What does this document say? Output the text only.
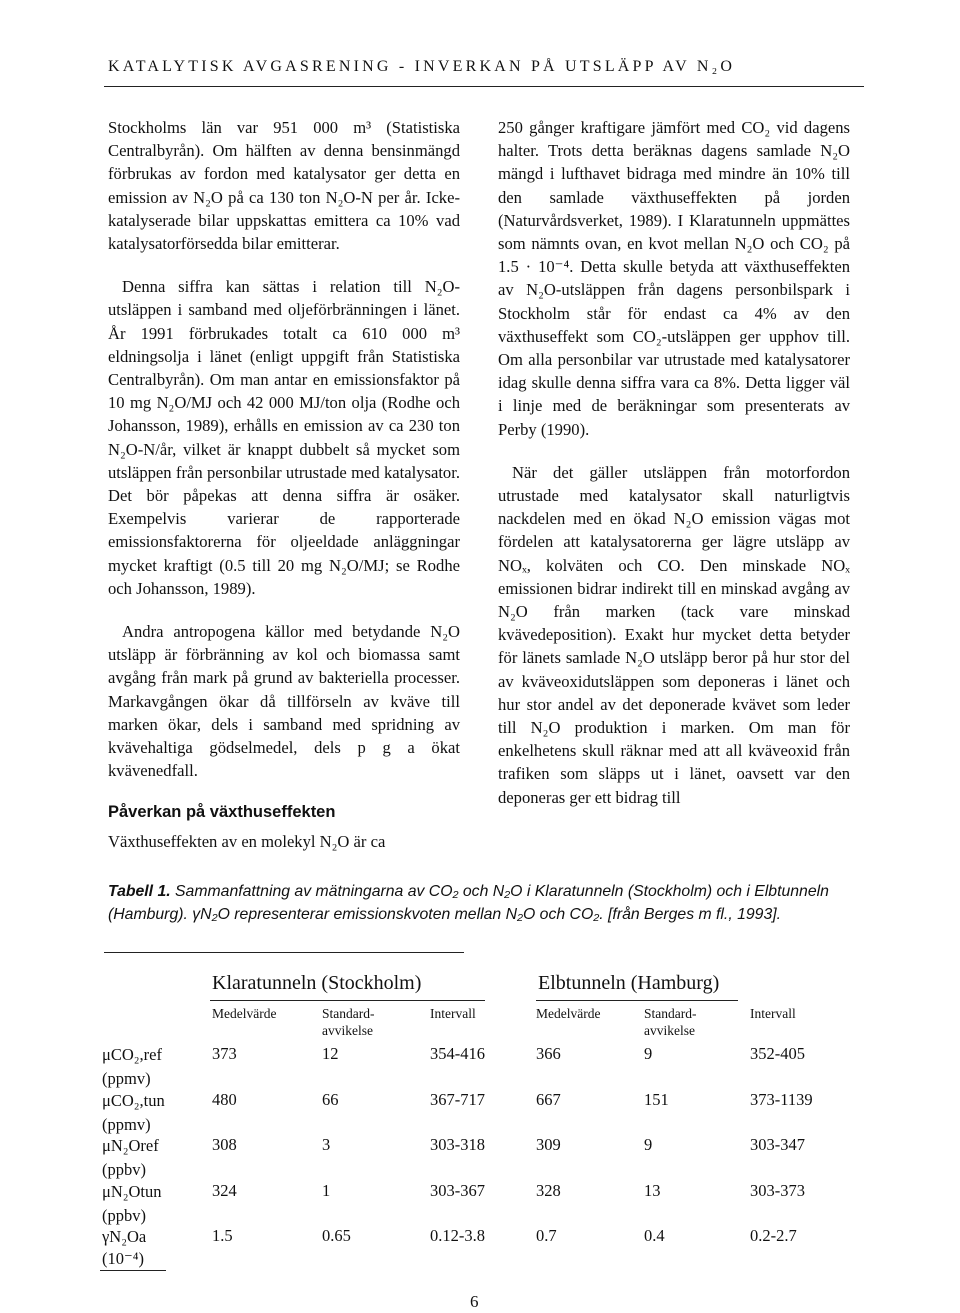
KATALYTISK AVGASRENING - INVERKAN PÅ UTSLÄPP AV N₂O

Stockholms län var 951 000 m³ (Statistiska Centralbyrån). Om hälften av denna bensinmängd förbrukas av fordon med katalysator ger detta en emission av N₂O på ca 130 ton N₂O-N per år. Icke-katalyserade bilar uppskattas emittera ca 10% vad katalysatorförsedda bilar emitterar.

Denna siffra kan sättas i relation till N₂O-utsläppen i samband med oljeförbränningen i länet. År 1991 förbrukades totalt ca 610 000 m³ eldningsolja i länet (enligt uppgift från Statistiska Centralbyrån). Om man antar en emissionsfaktor på 10 mg N₂O/MJ och 42 000 MJ/ton olja (Rodhe och Johansson, 1989), erhålls en emission av ca 230 ton N₂O-N/år, vilket är knappt dubbelt så mycket som utsläppen från personbilar utrustade med katalysator. Det bör påpekas att denna siffra är osäker. Exempelvis varierar de rapporterade emissionsfaktorerna för oljeeldade anläggningar mycket kraftigt (0.5 till 20 mg N₂O/MJ; se Rodhe och Johansson, 1989).

Andra antropogena källor med betydande N₂O utsläpp är förbränning av kol och biomassa samt avgång från mark på grund av bakteriella processer. Markavgången ökar då tillförseln av kväve till marken ökar, dels i samband med spridning av kvävehaltiga gödselmedel, dels p g a ökat kvävenedfall.

Påverkan på växthuseffekten

Växthuseffekten av en molekyl N₂O är ca

250 gånger kraftigare jämfört med CO₂ vid dagens halter. Trots detta beräknas dagens samlade N₂O mängd i lufthavet bidraga med mindre än 10% till den samlade växthuseffekten på jorden (Naturvårdsverket, 1989). I Klaratunneln uppmättes som nämnts ovan, en kvot mellan N₂O och CO₂ på 1.5 · 10⁻⁴. Detta skulle betyda att växthuseffekten av N₂O-utsläppen från dagens personbilspark i Stockholm står för endast ca 4% av den växthuseffekt som CO₂-utsläppen ger upphov till. Om alla personbilar var utrustade med katalysatorer idag skulle denna siffra vara ca 8%. Detta ligger väl i linje med de beräkningar som presenterats av Perby (1990).

När det gäller utsläppen från motorfordon utrustade med katalysator skall naturligtvis nackdelen med en ökad N₂O emission vägas mot fördelen att katalysatorerna ger lägre utsläpp av NOₓ, kolväten och CO. Den minskade NOₓ emissionen bidrar indirekt till en minskad avgång av N₂O från marken (tack vare minskad kvävedeposition). Exakt hur mycket detta betyder för länets samlade N₂O utsläpp beror på hur stor del av kväveoxidutsläppen som deponeras i länet och hur stor andel av det deponerade kvävet som leder till N₂O produktion i marken. Om man för enkelhetens skull räknar med att all kväveoxid från trafiken som släpps ut i länet, oavsett var den deponeras ger ett bidrag till

Tabell 1. Sammanfattning av mätningarna av CO₂ och N₂O i Klaratunneln (Stockholm) och i Elbtunneln (Hamburg). γN₂O representerar emissionskvoten mellan N₂O och CO₂. [från Berges m fl., 1993].
Klaratunneln (Stockholm)	Elbtunneln (Hamburg)
Medelvärde	Standard-
avvikelse
Intervall	Medelvärde	Standard-
avvikelse
Intervall
μCO₂,ref
(ppmv)
373	12	354-416	366	9	352-405
μCO₂,tun
(ppmv)
480	66	367-717	667	151	373-1139
μN₂Oref
(ppbv)
308	3	303-318	309	9	303-347
μN₂Otun
(ppbv)
324	1	303-367	328	13	303-373
γN₂Oa
(10⁻⁴)
1.5	0.65	0.12-3.8	0.7	0.4	0.2-2.7
6
